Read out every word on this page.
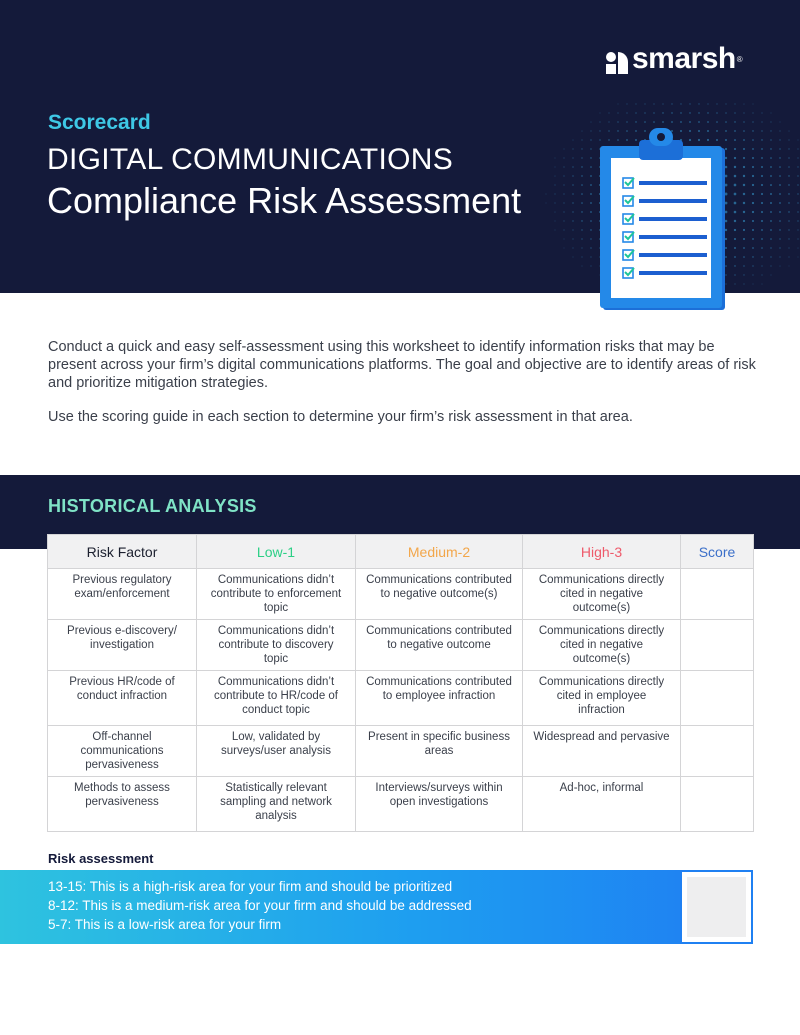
smarsh ®
Scorecard
DIGITAL COMMUNICATIONS
Compliance Risk Assessment

Conduct a quick and easy self-assessment using this worksheet to identify information risks that may be present across your firm’s digital communications platforms. The goal and objective are to identify areas of risk and prioritize mitigation strategies.

Use the scoring guide in each section to determine your firm’s risk assessment in that area.

HISTORICAL ANALYSIS
Risk Factor	Low-1	Medium-2	High-3	Score
Previous regulatory exam/enforcement	Communications didn’t contribute to enforcement topic	Communications contributed to negative outcome(s)	Communications directly cited in negative outcome(s)	
Previous e-discovery/ investigation	Communications didn’t contribute to discovery topic	Communications contributed to negative outcome	Communications directly cited in negative outcome(s)	
Previous HR/code of conduct infraction	Communications didn’t contribute to HR/code of conduct topic	Communications contributed to employee infraction	Communications directly cited in employee infraction	
Off-channel communications pervasiveness	Low, validated by surveys/user analysis	Present in specific business areas	Widespread and pervasive	
Methods to assess pervasiveness	Statistically relevant sampling and network analysis	Interviews/surveys within open investigations	Ad-hoc, informal	
Risk assessment
13-15: This is a high-risk area for your firm and should be prioritized
8-12: This is a medium-risk area for your firm and should be addressed
5-7: This is a low-risk area for your firm
